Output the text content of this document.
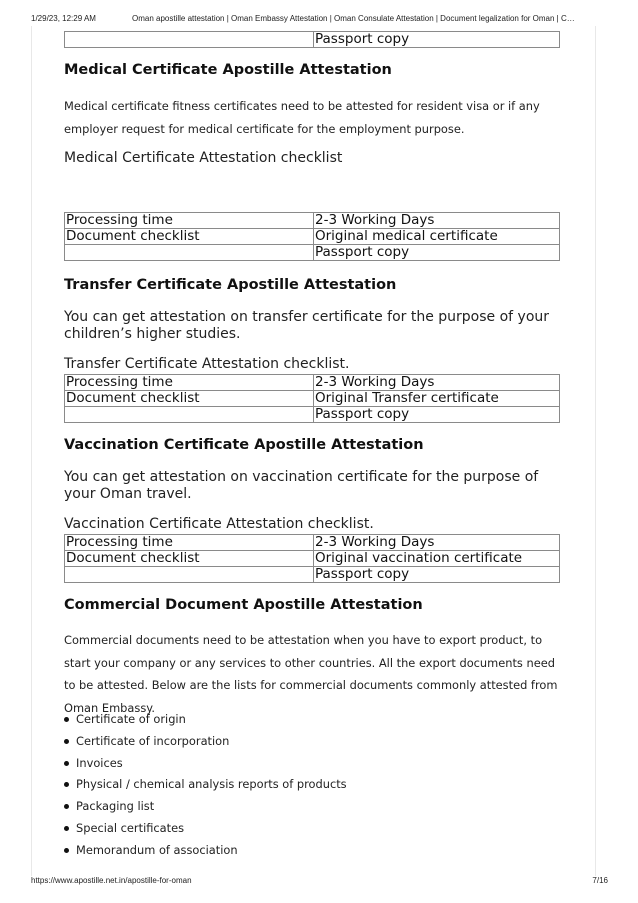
1/29/23, 12:29 AM	Oman apostille attestation | Oman Embassy Attestation | Oman Consulate Attestation | Document legalization for Oman | C…
	Passport copy
Medical Certificate Apostille Attestation

Medical certificate fitness certificates need to be attested for resident visa or if any employer request for medical certificate for the employment purpose.

Medical Certificate Attestation checklist

Processing time	2-3 Working Days
Document checklist	Original medical certificate
	Passport copy
Transfer Certificate Apostille Attestation

You can get attestation on transfer certificate for the purpose of your children’s higher studies.

Transfer Certificate Attestation checklist.

Processing time	2-3 Working Days
Document checklist	Original Transfer certificate
	Passport copy
Vaccination Certificate Apostille Attestation

You can get attestation on vaccination certificate for the purpose of your Oman travel.

Vaccination Certificate Attestation checklist.

Processing time	2-3 Working Days
Document checklist	Original vaccination certificate
	Passport copy
Commercial Document Apostille Attestation

Commercial documents need to be attestation when you have to export product, to start your company or any services to other countries. All the export documents need to be attested. Below are the lists for commercial documents commonly attested from Oman Embassy.

Certificate of origin
Certificate of incorporation
Invoices
Physical / chemical analysis reports of products
Packaging list
Special certificates
Memorandum of association
https://www.apostille.net.in/apostille-for-oman	7/16
